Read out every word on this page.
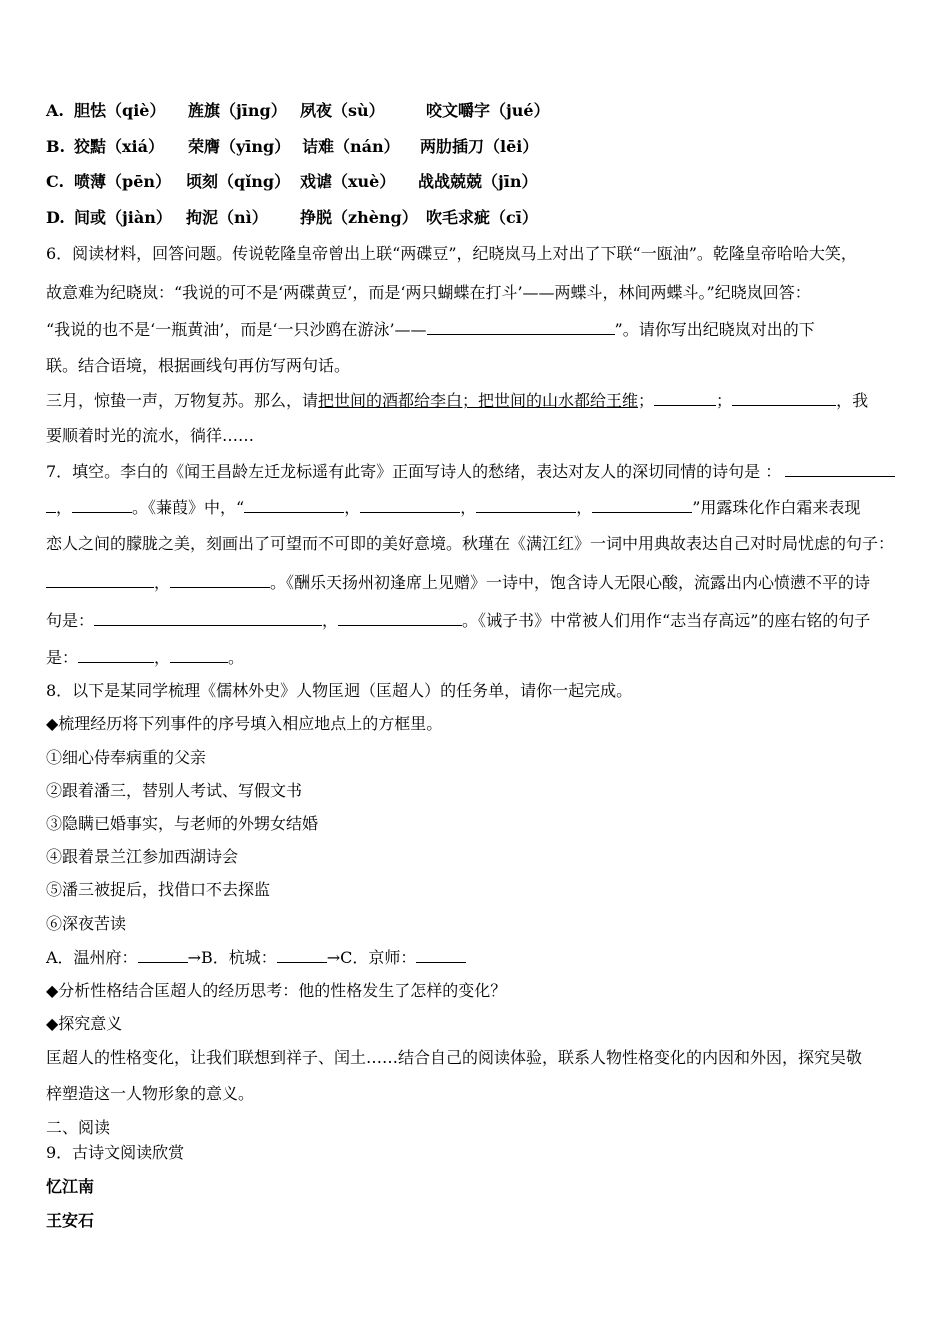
A. 胆怯（qiè） 旌旗（jīng） 夙夜（sù）	咬文嚼字（jué）
B. 狡黠（xiá） 荣膺（yīng） 诘难（nán） 两肋插刀（lēi）
C. 喷薄（pēn） 顷刻（qǐng） 戏谑（xuè） 战战兢兢（jīn）
D. 间或（jiàn） 拘泥（nì） 挣脱（zhèng） 吹毛求疵（cī）
6．阅读材料，回答问题。传说乾隆皇帝曾出上联“两碟豆”，纪晓岚马上对出了下联“一瓯油”。乾隆皇帝哈哈大笑，
故意难为纪晓岚：“我说的可不是‘两碟黄豆’，而是‘两只蝴蝶在打斗’——两蝶斗，林间两蝶斗。”纪晓岚回答：
“我说的也不是‘一瓶黄油’，而是‘一只沙鸥在游泳’——	”。请你写出纪晓岚对出的下
联。结合语境，根据画线句再仿写两句话。
三月，惊蛰一声，万物复苏。那么，请把世间的酒都给李白；把世间的山水都给王维；	；	，我
要顺着时光的流水，徜徉……
7．填空。李白的《闻王昌龄左迁龙标遥有此寄》正面写诗人的愁绪，表达对友人的深切同情的诗句是 ：
，	。《蒹葭》中，“	，	，	，	”用露珠化作白霜来表现
恋人之间的朦胧之美，刻画出了可望而不可即的美好意境。秋瑾在《满江红》一词中用典故表达自己对时局忧虑的句子：
，	。《酬乐天扬州初逢席上见赠》一诗中，饱含诗人无限心酸，流露出内心愤懑不平的诗
句是：	，	。《诫子书》中常被人们用作“志当存高远”的座右铭的句子
是：	，	。
8．以下是某同学梳理《儒林外史》人物匡迥（匡超人）的任务单，请你一起完成。
◆梳理经历将下列事件的序号填入相应地点上的方框里。
①细心侍奉病重的父亲
②跟着潘三，替别人考试、写假文书
③隐瞒已婚事实，与老师的外甥女结婚
④跟着景兰江参加西湖诗会
⑤潘三被捉后，找借口不去探监
⑥深夜苦读
A．温州府：	→B．杭城：	→C．京师：
◆分析性格结合匡超人的经历思考：他的性格发生了怎样的变化？
◆探究意义
匡超人的性格变化，让我们联想到祥子、闰土……结合自己的阅读体验，联系人物性格变化的内因和外因，探究吴敬
梓塑造这一人物形象的意义。
二、阅读
9．古诗文阅读欣赏
忆江南
王安石
